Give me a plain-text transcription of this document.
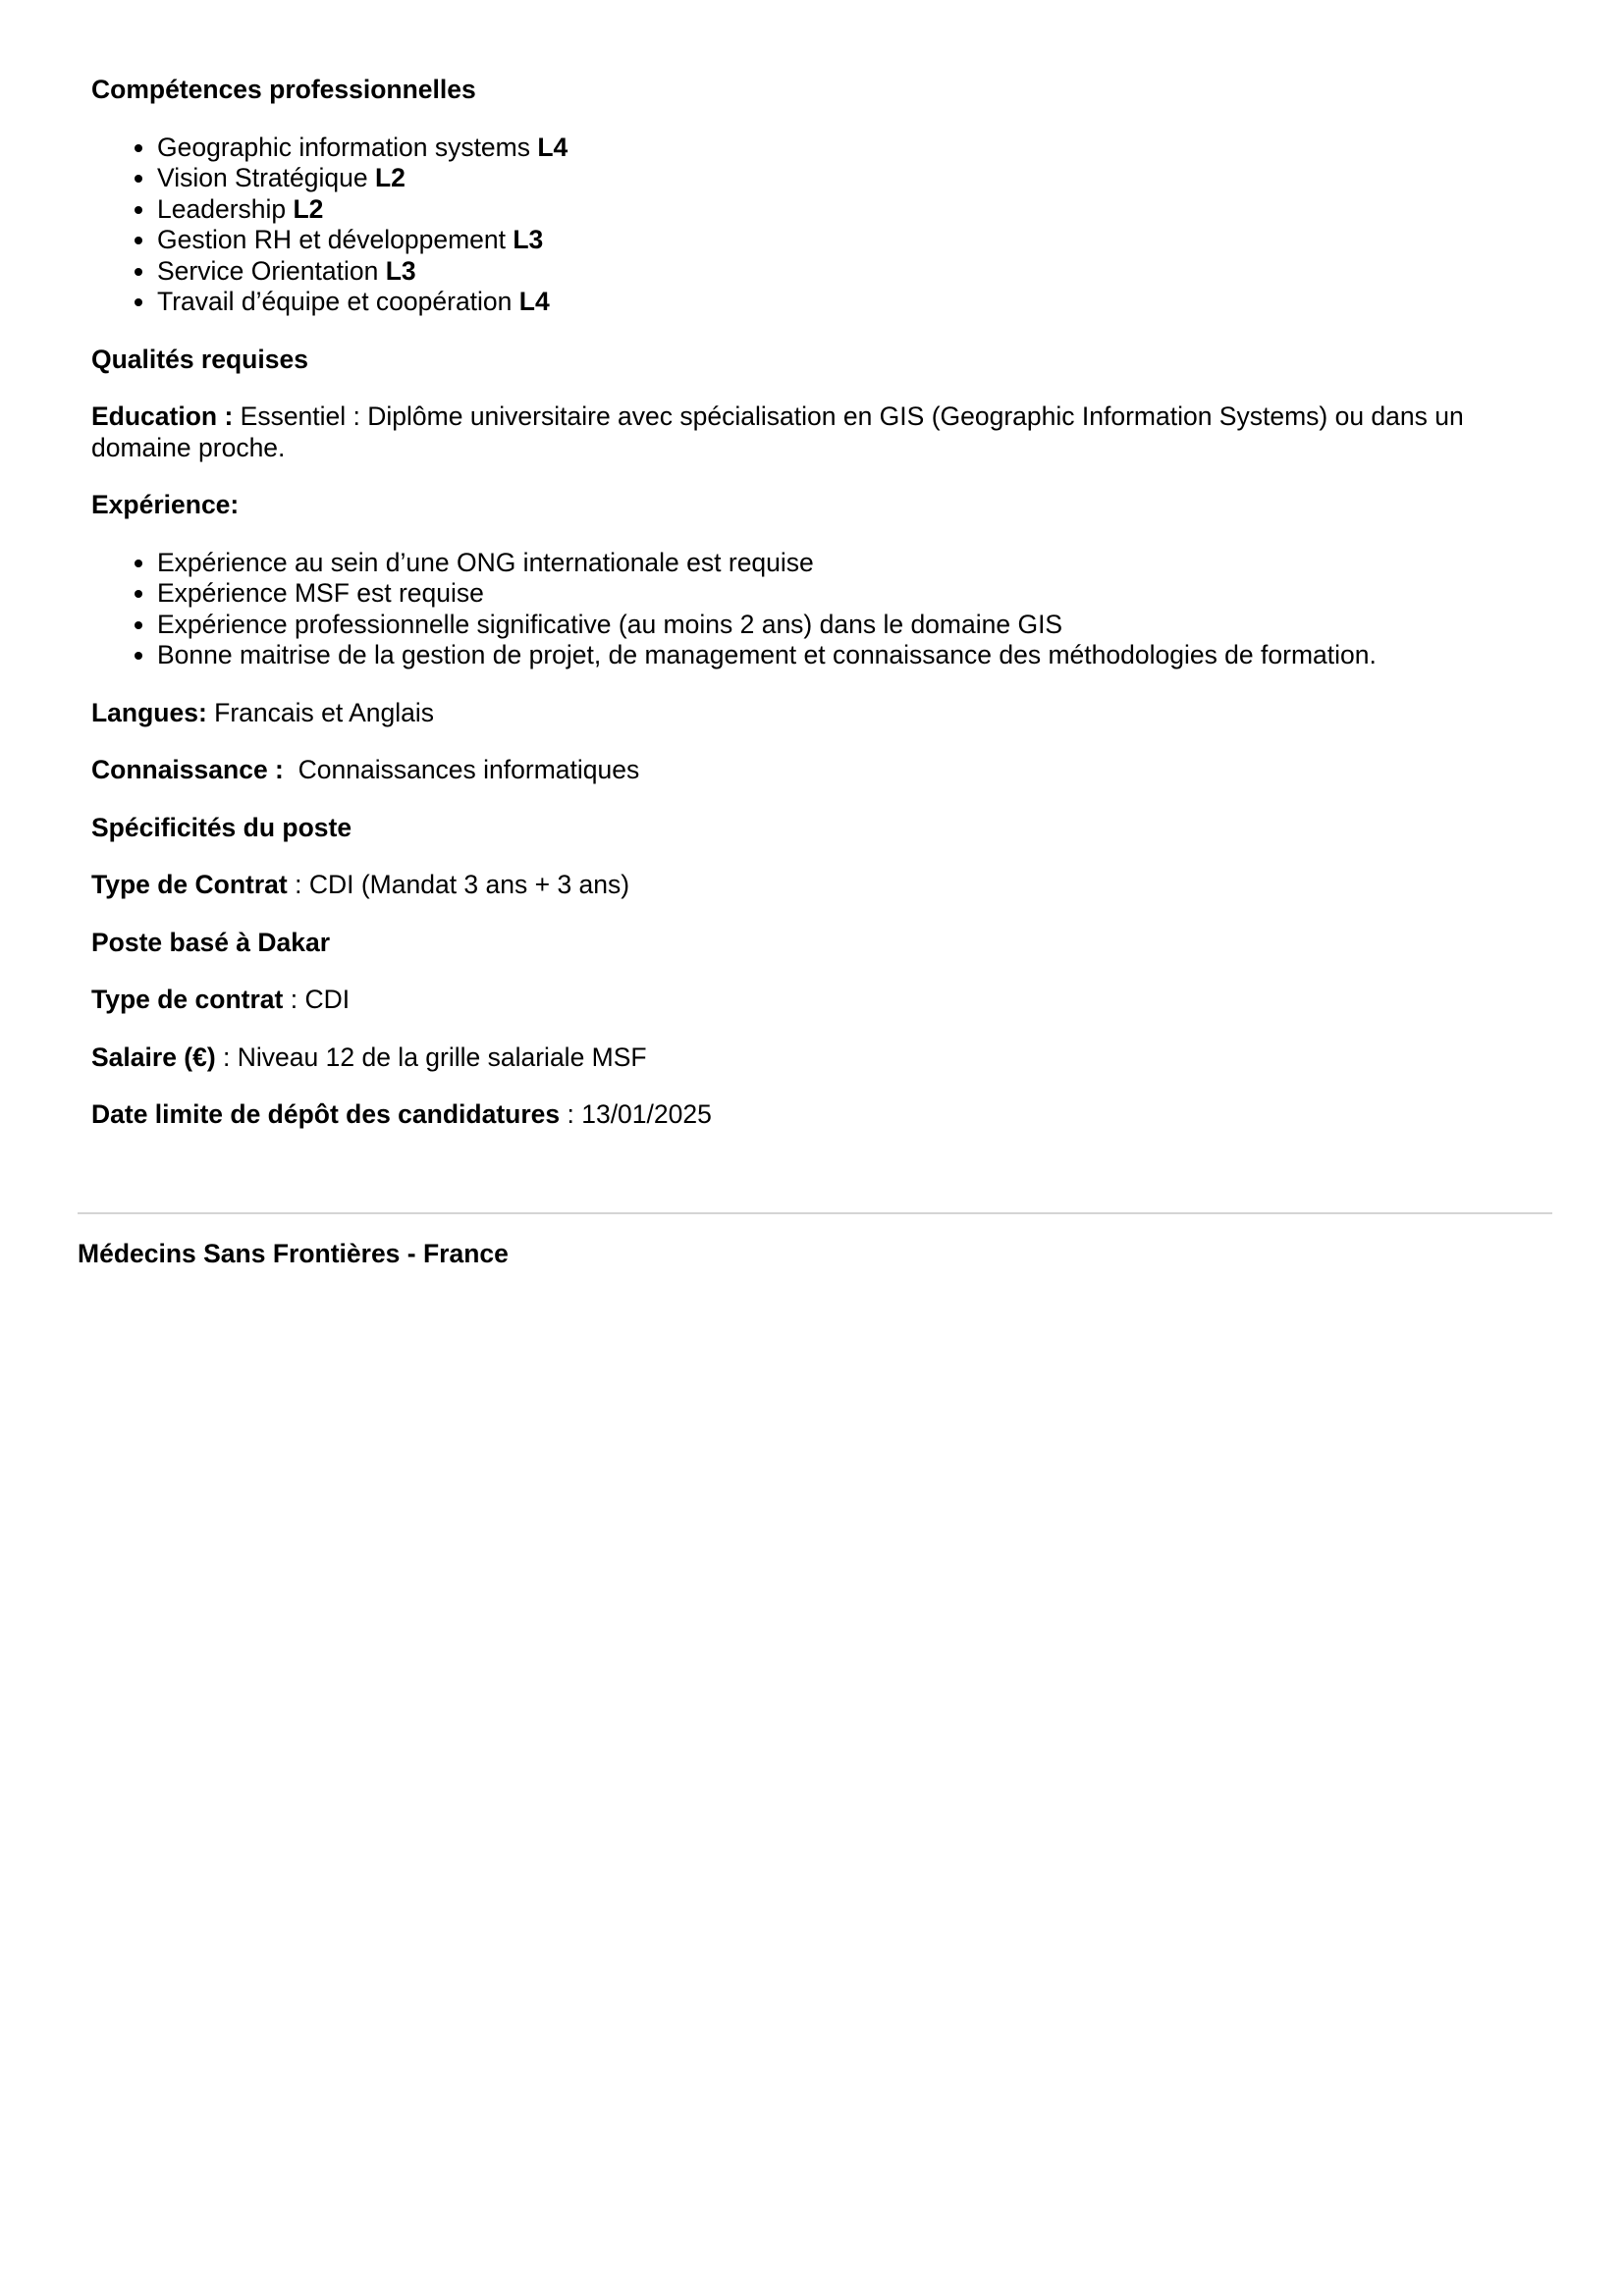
Compétences professionnelles
• Geographic information systems L4
• Vision Stratégique L2
• Leadership L2
• Gestion RH et développement L3
• Service Orientation L3
• Travail d’équipe et coopération L4
Qualités requises

Education : Essentiel : Diplôme universitaire avec spécialisation en GIS (Geographic Information Systems) ou dans un domaine proche.

Expérience:
• Expérience au sein d’une ONG internationale est requise
• Expérience MSF est requise
• Expérience professionnelle significative (au moins 2 ans) dans le domaine GIS
• Bonne maitrise de la gestion de projet, de management et connaissance des méthodologies de formation.

Langues: Francais et Anglais

Connaissance :  Connaissances informatiques

Spécificités du poste

Type de Contrat : CDI (Mandat 3 ans + 3 ans)

Poste basé à Dakar

Type de contrat : CDI

Salaire (€) : Niveau 12 de la grille salariale MSF

Date limite de dépôt des candidatures : 13/01/2025

Médecins Sans Frontières - France
